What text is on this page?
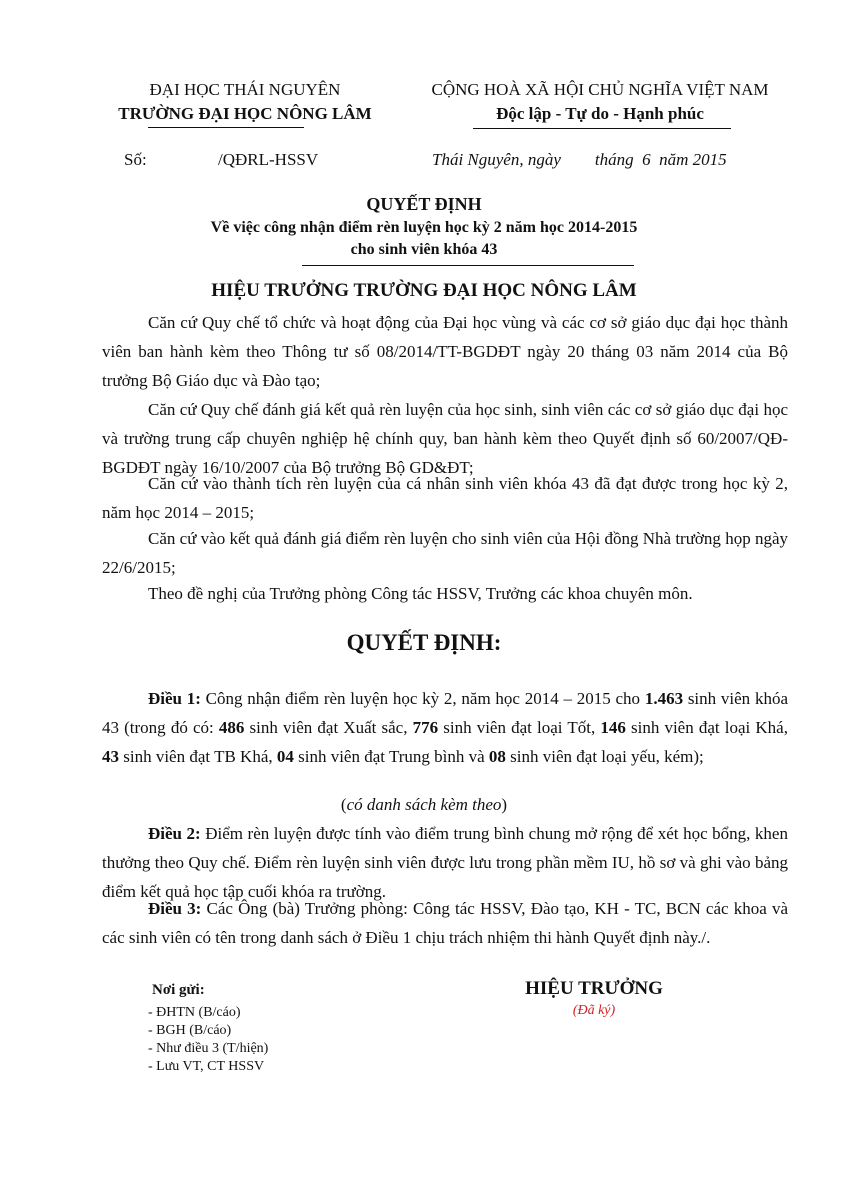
ĐẠI HỌC THÁI NGUYÊN
TRƯỜNG ĐẠI HỌC NÔNG LÂM
CỘNG HOÀ XÃ HỘI CHỦ NGHĨA VIỆT NAM
Độc lập - Tự do - Hạnh phúc
Số:	/QĐRL-HSSV	Thái Nguyên, ngày        tháng  6  năm 2015
QUYẾT ĐỊNH
Về việc công nhận điểm rèn luyện học kỳ 2 năm học 2014-2015
cho sinh viên khóa 43
HIỆU TRƯỞNG TRƯỜNG ĐẠI HỌC NÔNG LÂM
Căn cứ Quy chế tổ chức và hoạt động của Đại học vùng và các cơ sở giáo dục đại học thành viên ban hành kèm theo Thông tư số 08/2014/TT-BGDĐT ngày 20 tháng 03 năm 2014 của Bộ trưởng Bộ Giáo dục và Đào tạo;
Căn cứ Quy chế đánh giá kết quả rèn luyện của học sinh, sinh viên các cơ sở giáo dục đại học và trường trung cấp chuyên nghiệp hệ chính quy, ban hành kèm theo Quyết định số 60/2007/QĐ-BGDĐT ngày 16/10/2007 của Bộ trưởng Bộ GD&ĐT;
Căn cứ vào thành tích rèn luyện của cá nhân sinh viên khóa 43 đã đạt được trong học kỳ 2, năm học 2014 – 2015;
Căn cứ vào kết quả đánh giá điểm rèn luyện cho sinh viên của Hội đồng Nhà trường họp ngày 22/6/2015;
Theo đề nghị của Trưởng phòng Công tác HSSV, Trưởng các khoa chuyên môn.
QUYẾT ĐỊNH:
Điều 1: Công nhận điểm rèn luyện học kỳ 2, năm học 2014 – 2015 cho 1.463 sinh viên khóa 43 (trong đó có: 486 sinh viên đạt Xuất sắc, 776 sinh viên đạt loại Tốt, 146 sinh viên đạt loại Khá, 43 sinh viên đạt TB Khá, 04 sinh viên đạt Trung bình và 08 sinh viên đạt loại yếu, kém);
(có danh sách kèm theo)
Điều 2: Điểm rèn luyện được tính vào điểm trung bình chung mở rộng để xét học bổng, khen thưởng theo Quy chế. Điểm rèn luyện sinh viên được lưu trong phần mềm IU, hồ sơ và ghi vào bảng điểm kết quả học tập cuối khóa ra trường.
Điều 3: Các Ông (bà) Trưởng phòng: Công tác HSSV, Đào tạo, KH - TC, BCN các khoa và các sinh viên có tên trong danh sách ở Điều 1 chịu trách nhiệm thi hành Quyết định này./.
Nơi gửi:
- ĐHTN (B/cáo)
- BGH (B/cáo)
- Như điều 3 (T/hiện)
- Lưu VT, CT HSSV
HIỆU TRƯỞNG
(Đã ký)
